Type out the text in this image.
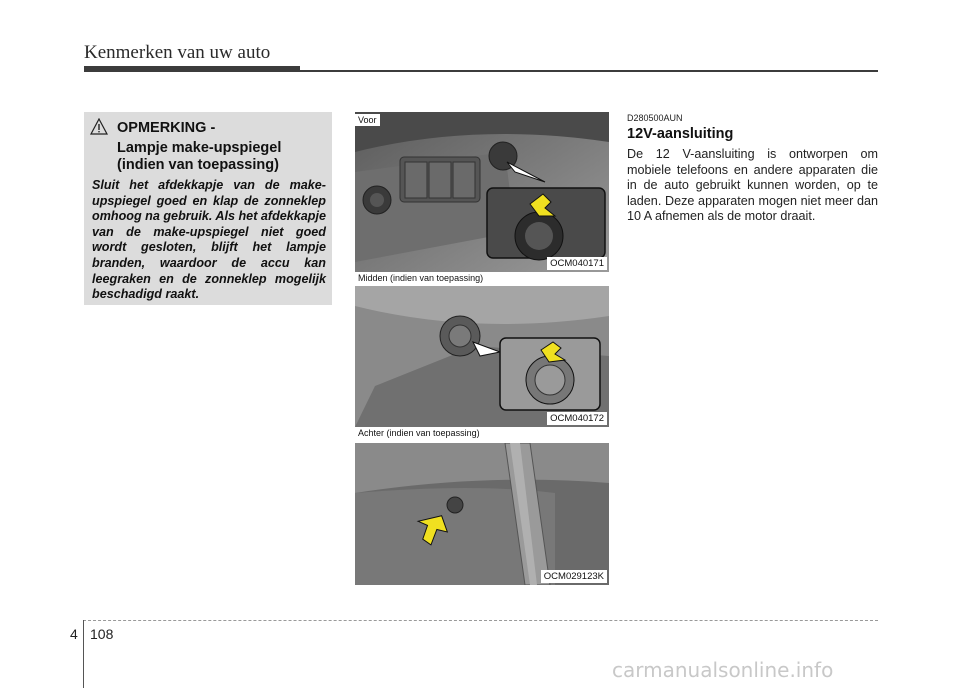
Kenmerken van uw auto
OPMERKING -
Lampje make-upspiegel (indien van toepassing)
Sluit het afdekkapje van de make-upspiegel goed en klap de zonneklep omhoog na gebruik. Als het afdekkapje van de make-upspiegel niet goed wordt gesloten, blijft het lampje branden, waardoor de accu kan leegraken en de zonneklep mogelijk beschadigd raakt.
Voor
OCM040171
Midden (indien van toepassing)
OCM040172
Achter (indien van toepassing)
OCM029123K
D280500AUN
12V-aansluiting
De 12 V-aansluiting is ontworpen om mobiele telefoons en andere apparaten die in de auto gebruikt kunnen worden, op te laden. Deze apparaten mogen niet meer dan 10 A afnemen als de motor draait.
4 108
carmanualsonline.info
